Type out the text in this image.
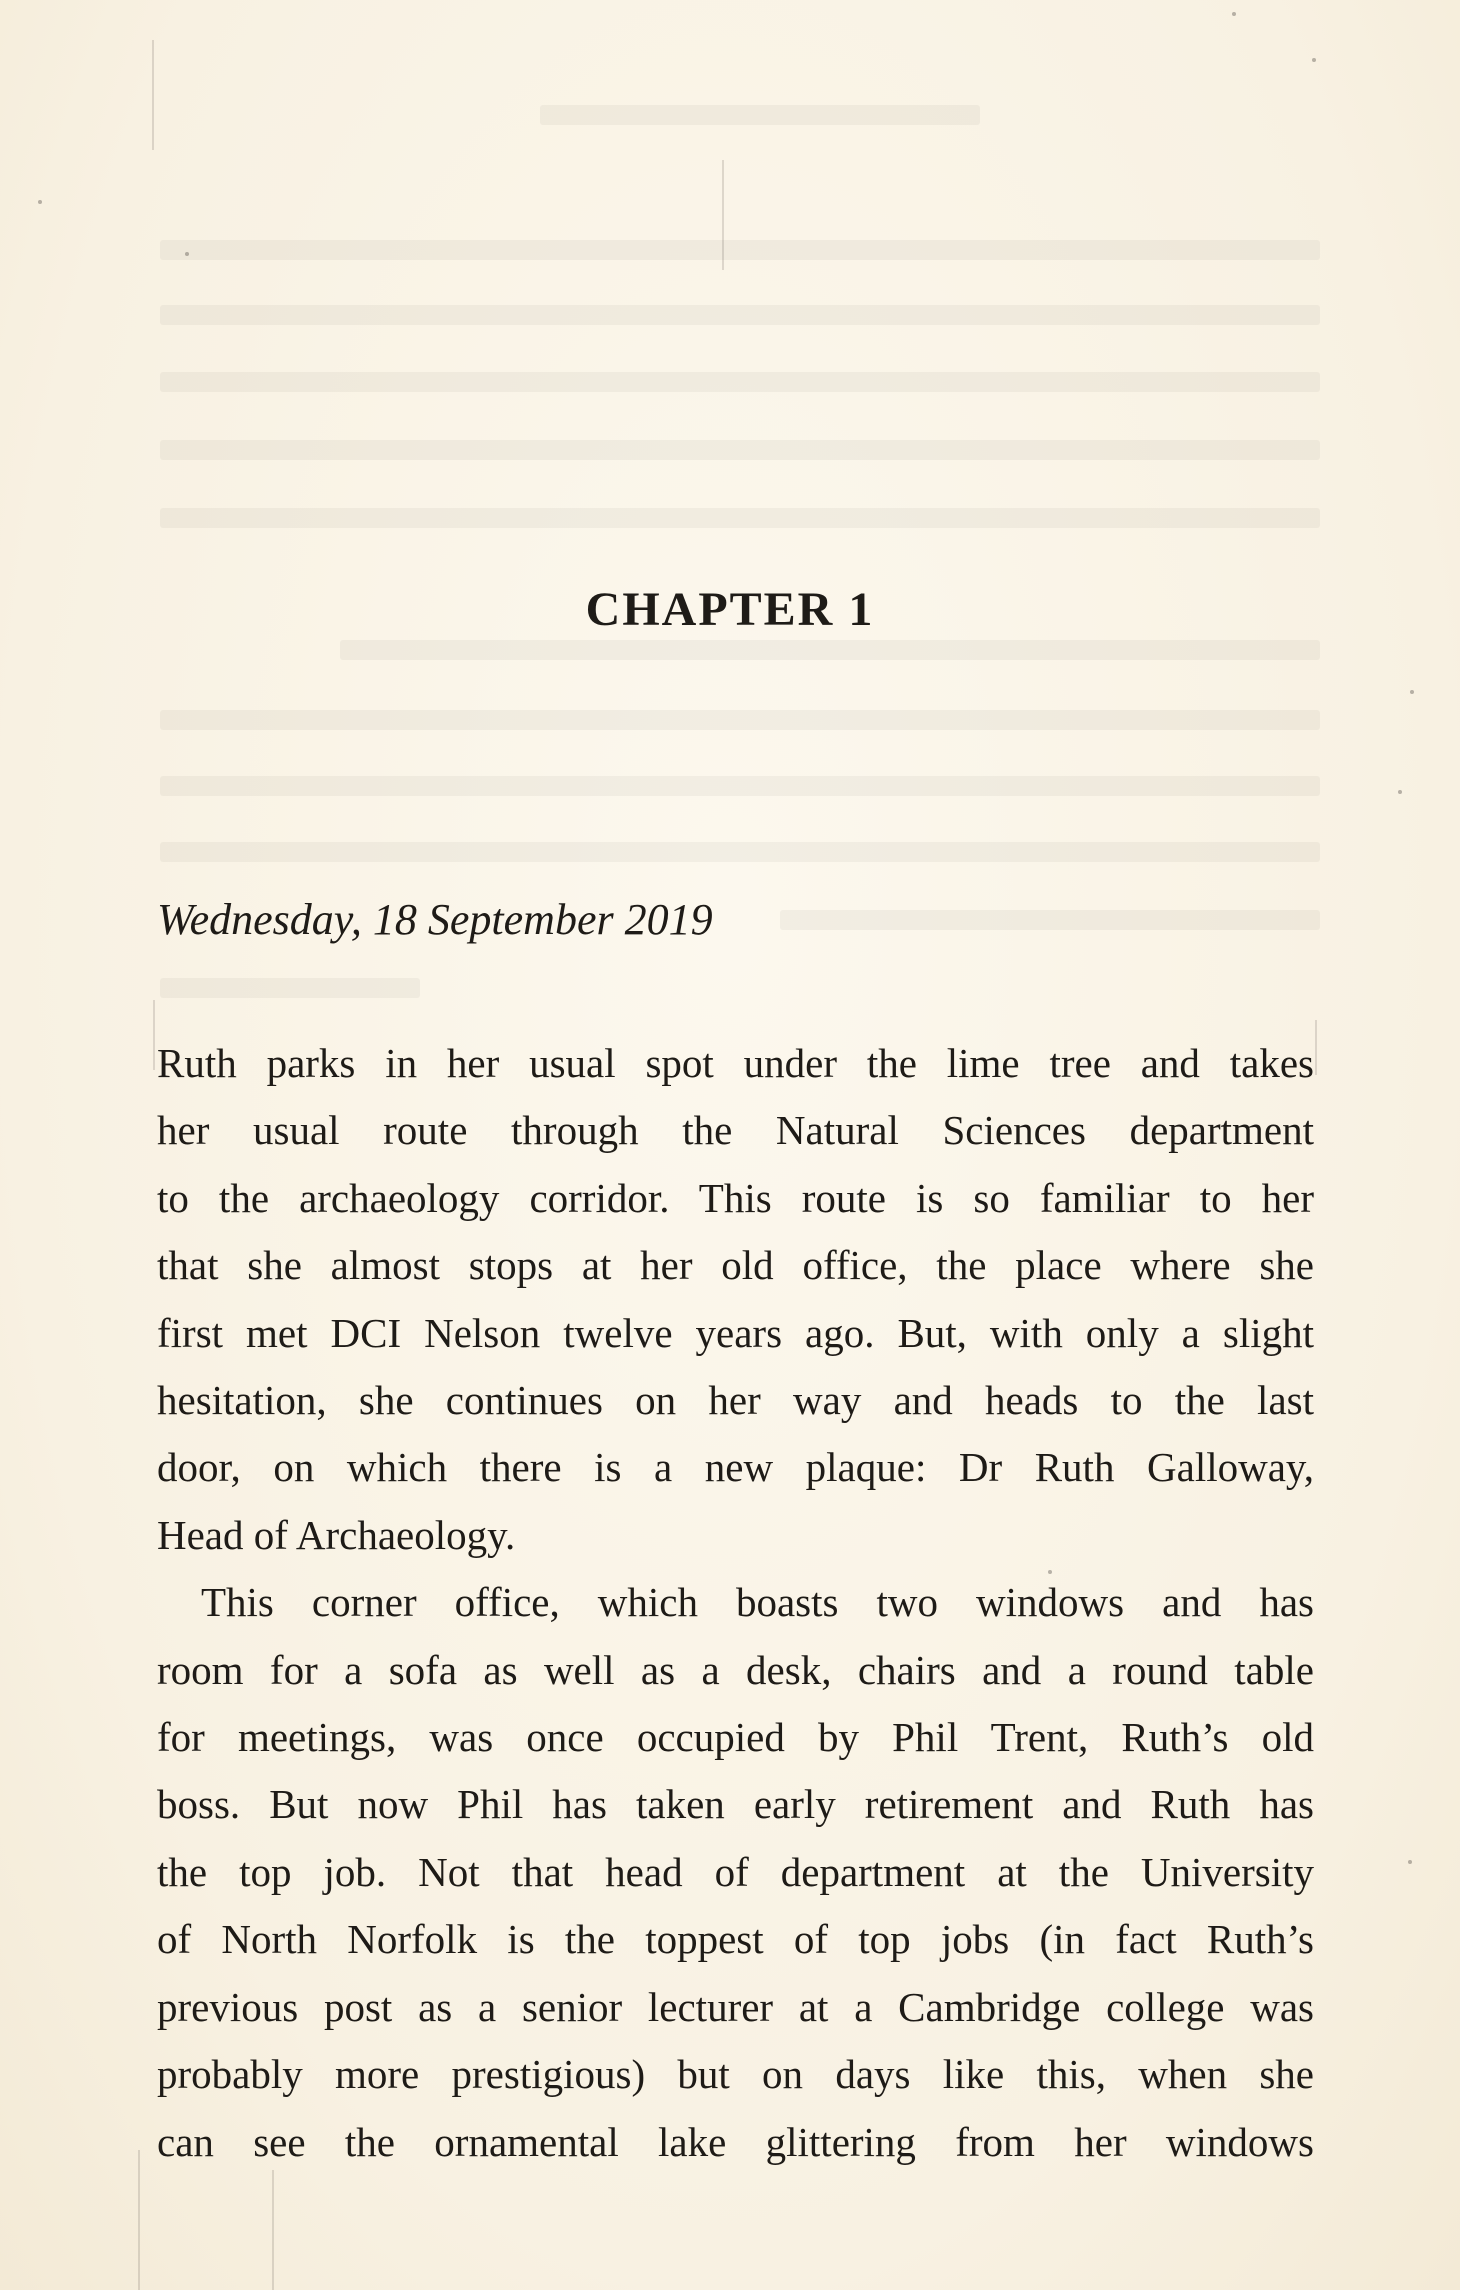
CHAPTER 1
Wednesday, 18 September 2019
Ruth parks in her usual spot under the lime tree and takes
her usual route through the Natural Sciences department
to the archaeology corridor. This route is so familiar to her
that she almost stops at her old office, the place where she
first met DCI Nelson twelve years ago. But, with only a slight
hesitation, she continues on her way and heads to the last
door, on which there is a new plaque: Dr Ruth Galloway,
Head of Archaeology.
This corner office, which boasts two windows and has
room for a sofa as well as a desk, chairs and a round table
for meetings, was once occupied by Phil Trent, Ruth’s old
boss. But now Phil has taken early retirement and Ruth has
the top job. Not that head of department at the University
of North Norfolk is the toppest of top jobs (in fact Ruth’s
previous post as a senior lecturer at a Cambridge college was
probably more prestigious) but on days like this, when she
can see the ornamental lake glittering from her windows
